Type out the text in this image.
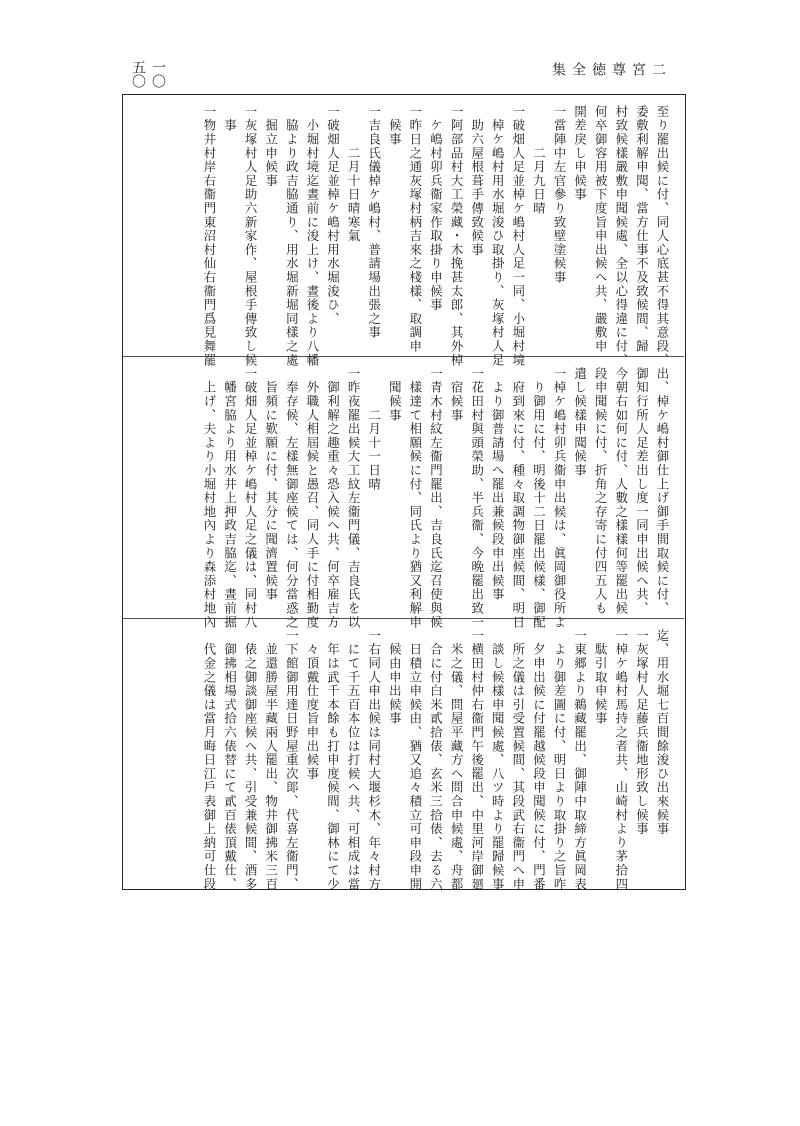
二宮尊徳全集
一〇五〇
至り罷出候に付、同人心底甚不得其意段、
委敷利解申聞、當方仕事不及致候間、歸
村致候樣嚴敷申聞候處、全以心得違に付、
何卒御容用被下度旨申出候へ共、嚴敷申
開差戾し申候事
一當陣中左官參り致壁塗候事
　　　二月九日晴
一破畑人足並棹ケ嶋村人足一同、小堀村境
　棹ケ嶋村用水堀浚ひ取掛り、灰塚村人足
　助六屋根葺手傳致候事
一阿部品村大工榮藏・木挽甚太郎、其外棹
　ケ嶋村卯兵衞家作取掛り申候事
一昨日之通灰塚村柄吉來之棧樣、取調申
　候事
一吉良氏儀棹ケ嶋村、普請場出張之事
　　　二月十日晴寒氣
一破畑人足並棹ケ嶋村用水堀浚ひ、
　小堀村境迄晝前に浚上け、晝後より八幡
　脇より政吉脇通り、用水堀新堀同樣之處
　掘立申候事
一灰塚村人足助六新家作、屋根手傳致し候
　事
一物井村岸右衞門東沼村仙右衞門爲見舞罷
出、棹ケ嶋村御仕上げ御手間取候に付、
御知行所人足差出し度一同申出候へ共、
今朝右如何に付、人數之樣樣何等罷出候
段申聞候に付、折角之存寄に付四五人も
遣し候樣申聞候事
一棹ケ嶋村卯兵衞申出候は、眞岡御役所よ
　り御用に付、明後十二日罷出候樣、御配
　府到來に付、種々取調物御座候間、明日
　より御普請場へ罷出兼候段申出候事
一花田村與頭榮助、半兵衞、今晩罷出致一
　宿候事
一青木村紋左衞門罷出、吉良氏迄召使與候
　樣達て相願候に付、同氏より猶又利解申
　聞候事
　　　二月十一日晴
一昨夜罷出候大工紋左衞門儀、吉良氏を以
　御利解之趣重々恐入候へ共、何卒雇吉方
　外職人相屆候と愚召、同人手に付相勤度
　奉存候、左樣無御座候ては、何分當惑之
　旨頻に歎願に付、其分に聞濟置候事
一破畑人足並棹ケ嶋村人足之儀は、同村八
　幡宮脇より用水井上押政吉脇迄、晝前掘
　上げ、夫より小堀村地內より森添村地內
迄、用水堀七百間餘浚ひ出來候事
一灰塚村人足藤兵衞地形致し候事
一棹ケ嶋村馬持之者共、山崎村より茅拾四
　駄引取申候事
一東郷より鵜藏罷出、御陣中取締方眞岡表
　より御差圖に付、明日より取掛り之旨咋
　夕申出候に付罷越候段申聞候に付、門番
　所之儀は引受置候間、其段武右衞門へ申
　談し候樣申聞候處、八ツ時より罷歸候事
一横田村仲右衞門午後罷出、中里河岸御廻
　米之儀、問屋平藏方へ問合申候處、舟都
　合に付白米貳拾俵、玄米三拾俵、去る六
　日積立申候由、猶又追々積立可申段申開
　候由申出候事
一右同人申出候は同村大堰杉木、年々村方
　にて千五百本位は打候へ共、可相成は當
　年は武千本餘も打申度候間、御林にて少
　々頂戴仕度旨申出候事
一下館御用達日野屋重次郞、代喜左衞門、
　並還勝屋半藏兩人罷出、物井御拂米三百
　俵之御談御座候へ共、引受兼候間、酒多
　御拂相場式拾六俵替にて貳百俵頂戴仕、
　代金之儀は當月晦日江戶表御上納可仕段
